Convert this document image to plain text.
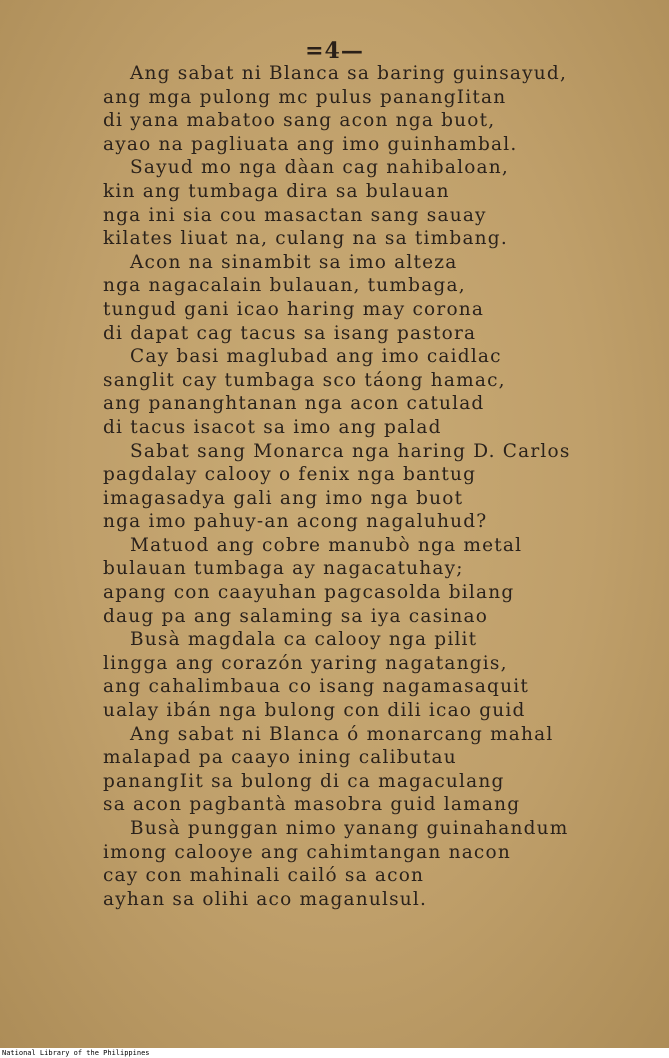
=4—
Ang sabat ni Blanca sa baring guinsayud,
ang mga pulong mc pulus panangIitan
di yana mabatoo sang acon nga buot,
ayao na pagliuata ang imo guinhambal.
Sayud mo nga dàan cag nahibaloan,
kin ang tumbaga dira sa bulauan
nga ini sia cou masactan sang sauay
kilates liuat na, culang na sa timbang.
Acon na sinambit sa imo alteza
nga nagacalain bulauan, tumbaga,
tungud gani icao haring may corona
di dapat cag tacus sa isang pastora
Cay basi maglubad ang imo caidlac
sanglit cay tumbaga sco táong hamac,
ang pananghtanan nga acon catulad
di tacus isacot sa imo ang palad
Sabat sang Monarca nga haring D. Carlos
pagdalay calooy o fenix nga bantug
imagasadya gali ang imo nga buot
nga imo pahuy-an acong nagaluhud?
Matuod ang cobre manubò nga metal
bulauan tumbaga ay nagacatuhay;
apang con caayuhan pagcasolda bilang
daug pa ang salaming sa iya casinao
Busà magdala ca calooy nga pilit
lingga ang corazón yaring nagatangis,
ang cahalimbaua co isang nagamasaquit
ualay ibán nga bulong con dili icao guid
Ang sabat ni Blanca ó monarcang mahal
malapad pa caayo ining calibutau
panangIit sa bulong di ca magaculang
sa acon pagbantà masobra guid lamang
Busà punggan nimo yanang guinahandum
imong calooye ang cahimtangan nacon
cay con mahinali cailó sa acon
ayhan sa olihi aco maganulsul.
National Library of the Philippines
